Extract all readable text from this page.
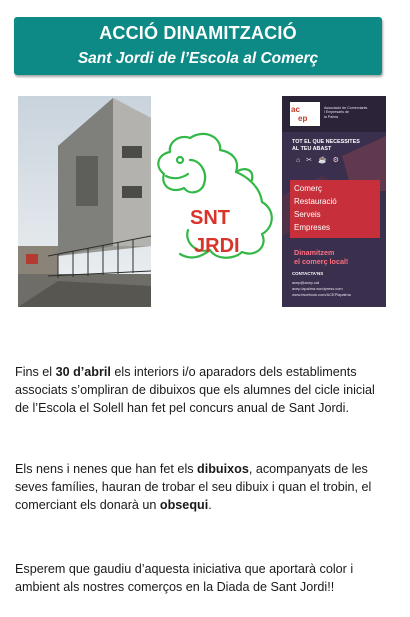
ACCIÓ DINAMITZACIÓ
Sant Jordi de l’Escola al Comerç
SNT
JRDI
ac
ep
Associació de Comerciants
i Empresaris de
la Palma
TOT EL QUE NECESSITES
AL TEU ABAST
⌂ ✂ ☕ ⚙
Comerç
Restauració
Serveis
Empreses
Dinamitzem
el comerç local!
CONTACTA'NS
acep@acep.cat
acep.lapalma.wordpress.com
www.facebook.com/ACEPlapalma

Fins el 30 d’abril els interiors i/o aparadors dels establiments associats s’ompliran de dibuixos que els alumnes del cicle inicial de l’Escola el Solell han fet pel concurs anual de Sant Jordi.

Els nens i nenes que han fet els dibuixos, acompanyats de les seves famílies, hauran de trobar el seu dibuix i quan el trobin, el comerciant els donarà un obsequi.

Esperem que gaudiu d’aquesta iniciativa que aportarà color i ambient als nostres comerços en la Diada de Sant Jordi!!
